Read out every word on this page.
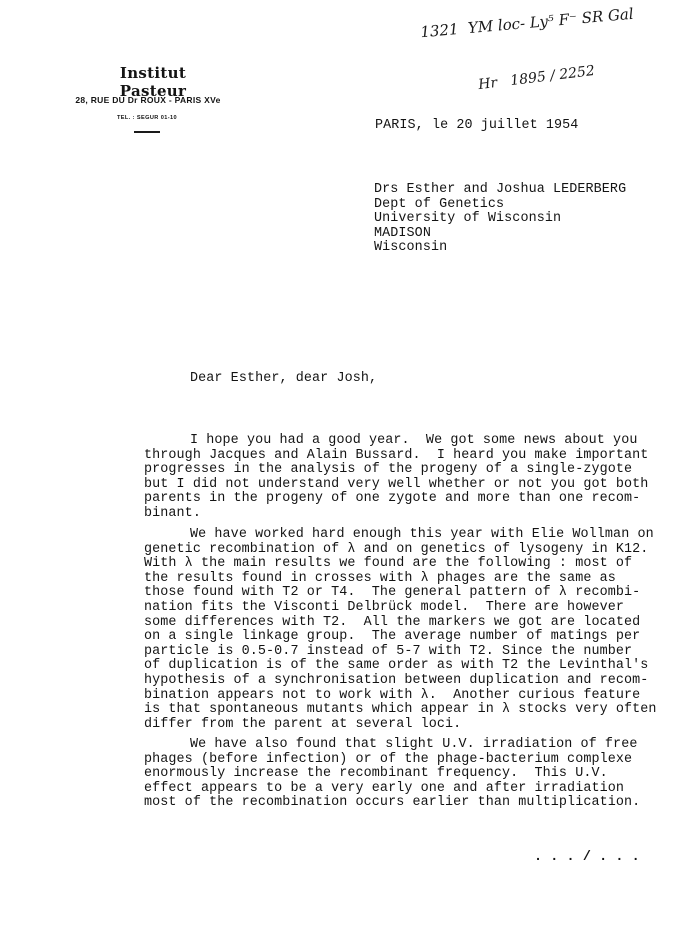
Institut Pasteur
28, RUE DU Dr ROUX - PARIS XVe
TEL. : SEGUR 01-10
1321  YM loc- Ly⁵ F⁻ SR Gal
Hr   1895 / 2252
PARIS, le 20 juillet 1954
Drs Esther and Joshua LEDERBERG
Dept of Genetics
University of Wisconsin
MADISON
Wisconsin
Dear Esther, dear Josh,
I hope you had a good year.  We got some news about you
through Jacques and Alain Bussard.  I heard you make important
progresses in the analysis of the progeny of a single-zygote
but I did not understand very well whether or not you got both
parents in the progeny of one zygote and more than one recom-
binant.
We have worked hard enough this year with Elie Wollman on
genetic recombination of λ and on genetics of lysogeny in K12.
With λ the main results we found are the following : most of
the results found in crosses with λ phages are the same as
those found with T2 or T4.  The general pattern of λ recombi-
nation fits the Visconti Delbrück model.  There are however
some differences with T2.  All the markers we got are located
on a single linkage group.  The average number of matings per
particle is 0.5-0.7 instead of 5-7 with T2. Since the number
of duplication is of the same order as with T2 the Levinthal's
hypothesis of a synchronisation between duplication and recom-
bination appears not to work with λ.  Another curious feature
is that spontaneous mutants which appear in λ stocks very often
differ from the parent at several loci.
We have also found that slight U.V. irradiation of free
phages (before infection) or of the phage-bacterium complexe
enormously increase the recombinant frequency.  This U.V.
effect appears to be a very early one and after irradiation
most of the recombination occurs earlier than multiplication.
. . . / . . .
